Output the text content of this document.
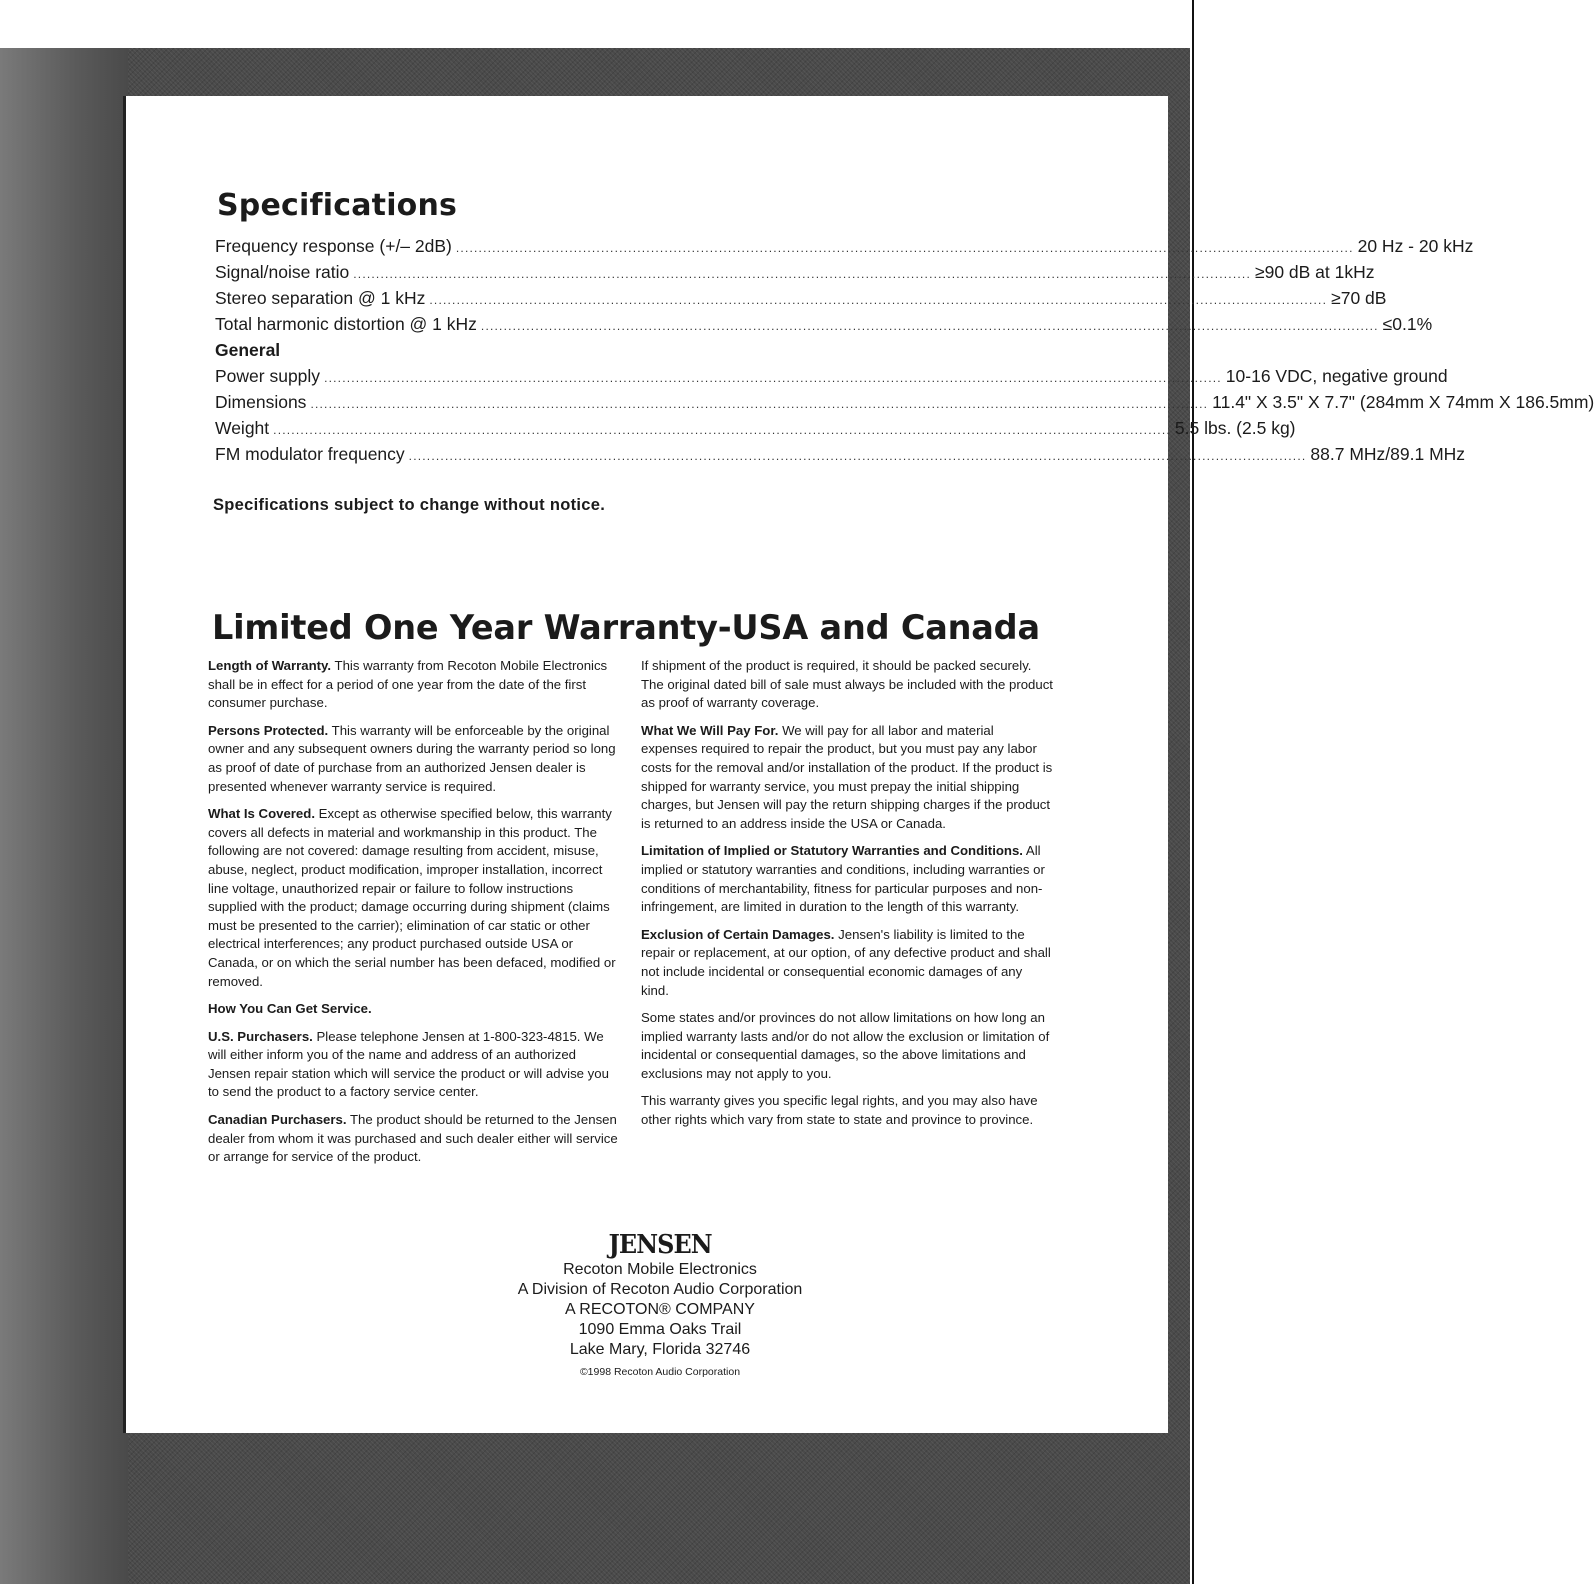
Specifications
Frequency response (+/– 2dB) ...................................................................................................................................................................................................... 20 Hz - 20 kHz
Signal/noise ratio ...................................................................................................................................................................................................... ≥90 dB at 1kHz
Stereo separation @ 1 kHz ...................................................................................................................................................................................................... ≥70 dB
Total harmonic distortion @ 1 kHz ...................................................................................................................................................................................................... ≤0.1%
General
Power supply ...................................................................................................................................................................................................... 10-16 VDC, negative ground
Dimensions ...................................................................................................................................................................................................... 11.4" X 3.5" X 7.7" (284mm X 74mm X 186.5mm)
Weight ...................................................................................................................................................................................................... 5.5 lbs. (2.5 kg)
FM modulator frequency ...................................................................................................................................................................................................... 88.7 MHz/89.1 MHz
Specifications subject to change without notice.
Limited One Year Warranty-USA and Canada

Length of Warranty. This warranty from Recoton Mobile Electronics shall be in effect for a period of one year from the date of the first consumer purchase.

Persons Protected. This warranty will be enforceable by the original owner and any subsequent owners during the warranty period so long as proof of date of purchase from an authorized Jensen dealer is presented whenever warranty service is required.

What Is Covered. Except as otherwise specified below, this warranty covers all defects in material and workmanship in this product. The following are not covered: damage resulting from accident, misuse, abuse, neglect, product modification, improper installation, incorrect line voltage, unauthorized repair or failure to follow instructions supplied with the product; damage occurring during shipment (claims must be presented to the carrier); elimination of car static or other electrical interferences; any product purchased outside USA or Canada, or on which the serial number has been defaced, modified or removed.

How You Can Get Service.

U.S. Purchasers. Please telephone Jensen at 1-800-323-4815. We will either inform you of the name and address of an authorized Jensen repair station which will service the product or will advise you to send the product to a factory service center.

Canadian Purchasers. The product should be returned to the Jensen dealer from whom it was purchased and such dealer either will service or arrange for service of the product.

If shipment of the product is required, it should be packed securely. The original dated bill of sale must always be included with the product as proof of warranty coverage.

What We Will Pay For. We will pay for all labor and material expenses required to repair the product, but you must pay any labor costs for the removal and/or installation of the product. If the product is shipped for warranty service, you must prepay the initial shipping charges, but Jensen will pay the return shipping charges if the product is returned to an address inside the USA or Canada.

Limitation of Implied or Statutory Warranties and Conditions. All implied or statutory warranties and conditions, including warranties or conditions of merchantability, fitness for particular purposes and non-infringement, are limited in duration to the length of this warranty.

Exclusion of Certain Damages. Jensen's liability is limited to the repair or replacement, at our option, of any defective product and shall not include incidental or consequential economic damages of any kind.

Some states and/or provinces do not allow limitations on how long an implied warranty lasts and/or do not allow the exclusion or limitation of incidental or consequential damages, so the above limitations and exclusions may not apply to you.

This warranty gives you specific legal rights, and you may also have other rights which vary from state to state and province to province.

JENSEN
Recoton Mobile Electronics
A Division of Recoton Audio Corporation
A RECOTON® COMPANY
1090 Emma Oaks Trail
Lake Mary, Florida 32746
©1998 Recoton Audio Corporation
